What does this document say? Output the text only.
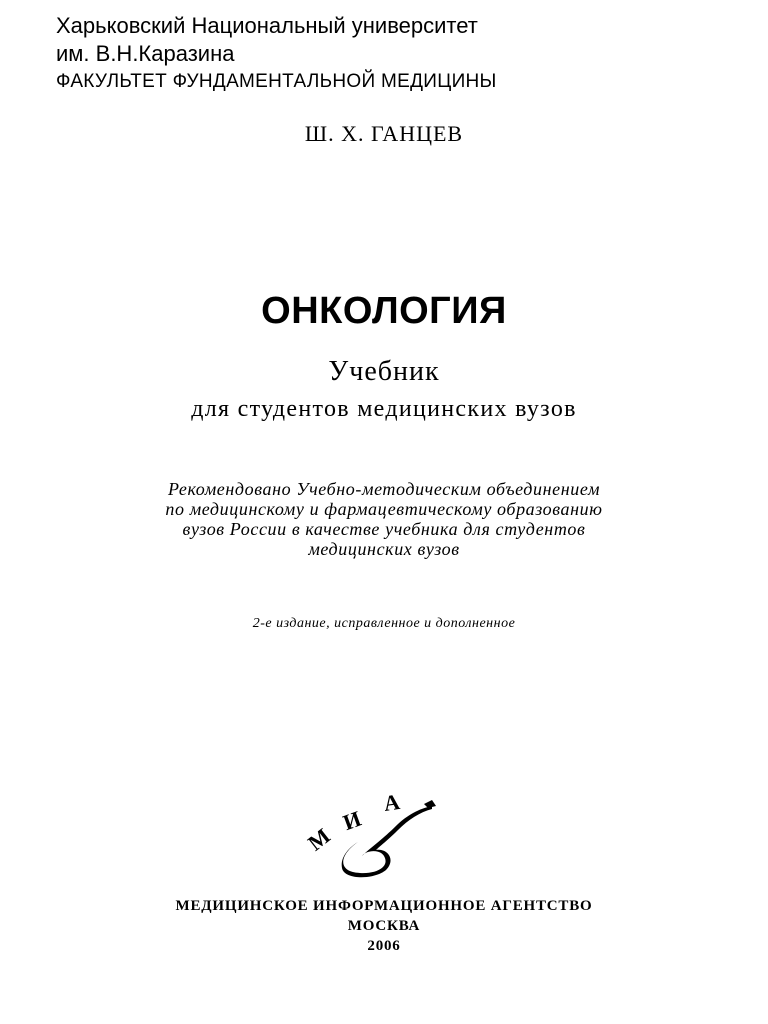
Харьковский Национальный университет
им. В.Н.Каразина
ФАКУЛЬТЕТ ФУНДАМЕНТАЛЬНОЙ МЕДИЦИНЫ
Ш. Х. ГАНЦЕВ
ОНКОЛОГИЯ
Учебник
для студентов медицинских вузов
Рекомендовано Учебно-методическим объединением
по медицинскому и фармацевтическому образованию
вузов России в качестве учебника для студентов
медицинских вузов
2-е издание, исправленное и дополненное
М
И
А
МЕДИЦИНСКОЕ ИНФОРМАЦИОННОЕ АГЕНТСТВО
МОСКВА
2006
